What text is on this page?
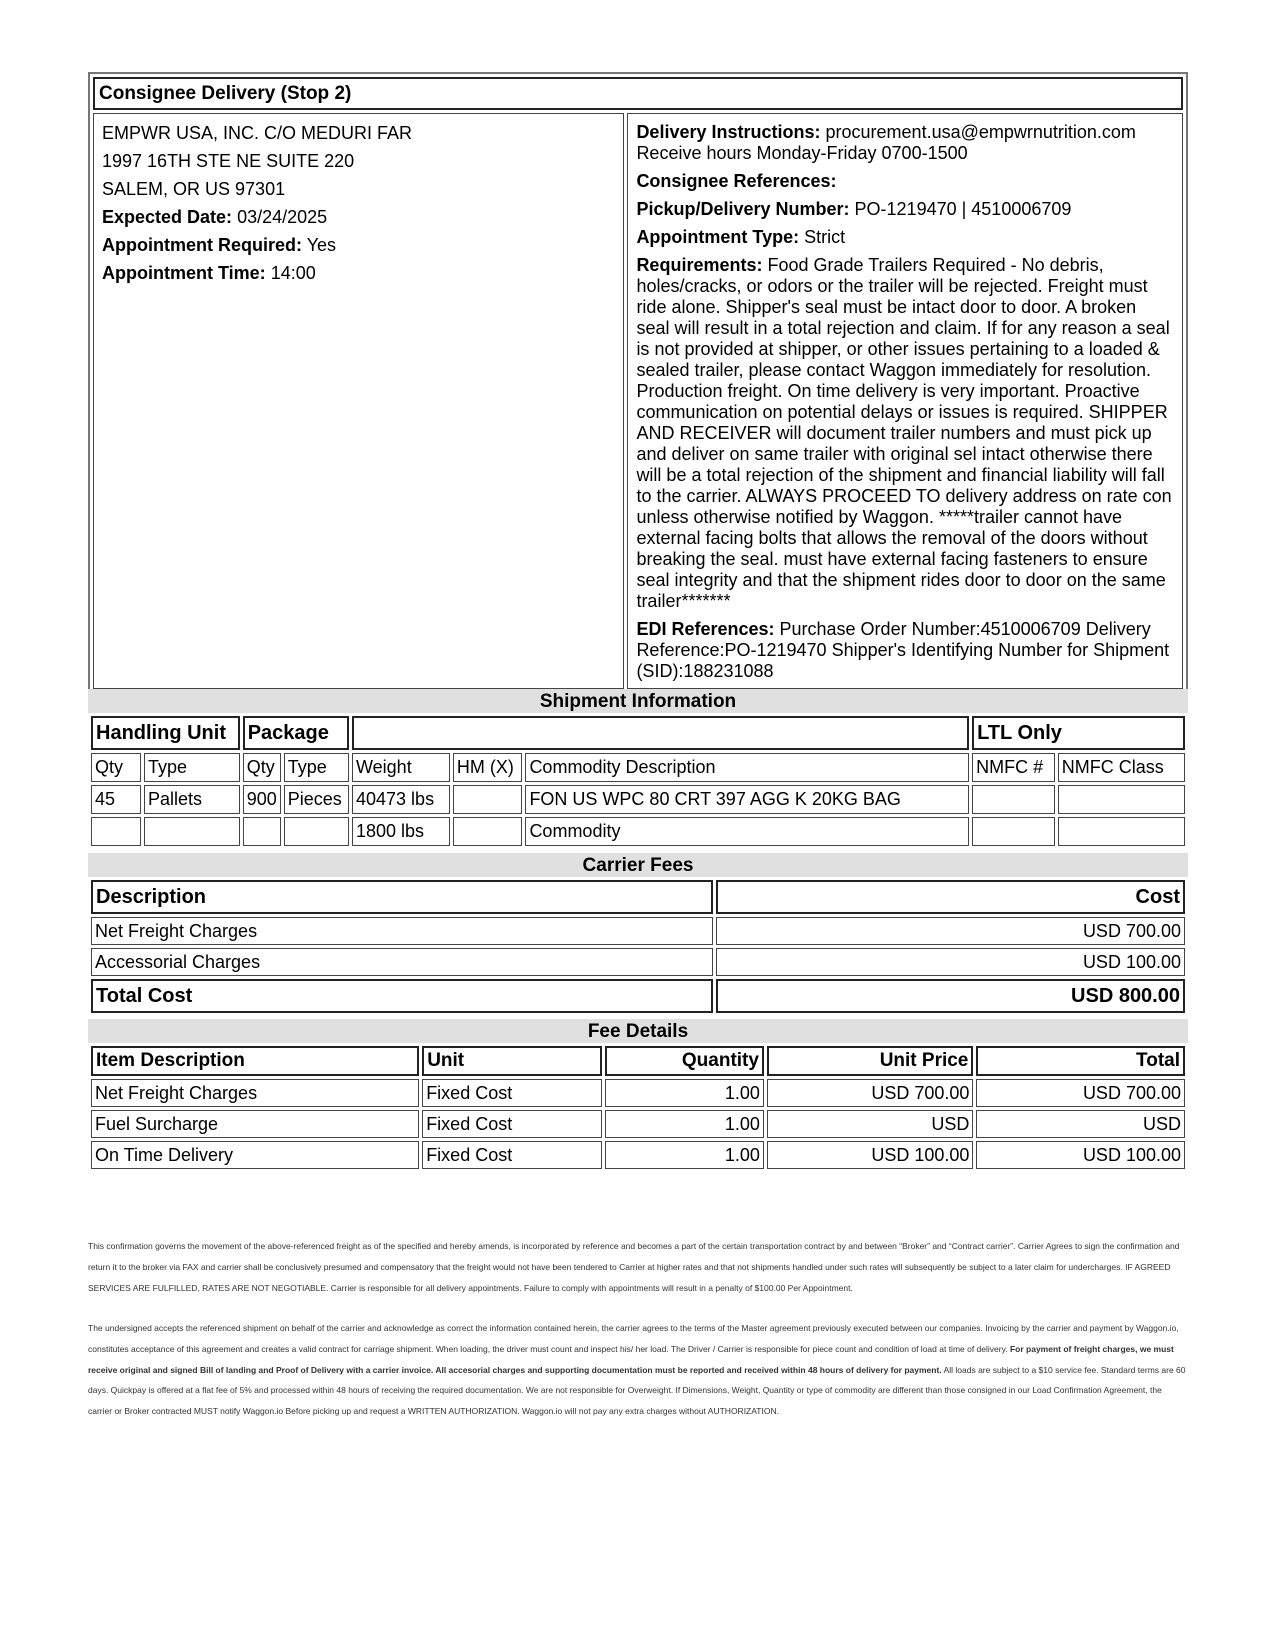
Consignee Delivery (Stop 2)

EMPWR USA, INC. C/O MEDURI FAR

1997 16TH STE NE SUITE 220

SALEM, OR US 97301

Expected Date: 03/24/2025

Appointment Required: Yes

Appointment Time: 14:00

Delivery Instructions: procurement.usa@empwrnutrition.com Receive hours Monday-Friday 0700-1500

Consignee References:

Pickup/Delivery Number: PO-1219470 | 4510006709

Appointment Type: Strict

Requirements: Food Grade Trailers Required - No debris, holes/cracks, or odors or the trailer will be rejected. Freight must ride alone. Shipper's seal must be intact door to door. A broken seal will result in a total rejection and claim. If for any reason a seal is not provided at shipper, or other issues pertaining to a loaded & sealed trailer, please contact Waggon immediately for resolution. Production freight. On time delivery is very important. Proactive communication on potential delays or issues is required. SHIPPER AND RECEIVER will document trailer numbers and must pick up and deliver on same trailer with original sel intact otherwise there will be a total rejection of the shipment and financial liability will fall to the carrier. ALWAYS PROCEED TO delivery address on rate con unless otherwise notified by Waggon. *****trailer cannot have external facing bolts that allows the removal of the doors without breaking the seal. must have external facing fasteners to ensure seal integrity and that the shipment rides door to door on the same trailer*******

EDI References: Purchase Order Number:4510006709 Delivery Reference:PO-1219470 Shipper's Identifying Number for Shipment (SID):188231088

Shipment Information
Handling Unit		Package					LTL Only	
Qty	Type	Qty	Type	Weight	HM (X)	Commodity Description	NMFC #	NMFC Class
45	Pallets	900	Pieces	40473 lbs		FON US WPC 80 CRT 397 AGG K 20KG BAG		
				1800 lbs		Commodity		
Carrier Fees
Description	Cost
Net Freight Charges	USD 700.00
Accessorial Charges	USD 100.00
Total Cost	USD 800.00
Fee Details
Item Description	Unit	Quantity	Unit Price	Total
Net Freight Charges	Fixed Cost	1.00	USD 700.00	USD 700.00
Fuel Surcharge	Fixed Cost	1.00	USD	USD
On Time Delivery	Fixed Cost	1.00	USD 100.00	USD 100.00
This confirmation governs the movement of the above-referenced freight as of the specified and hereby amends, is incorporated by reference and becomes a part of the certain transportation contract by and between “Broker” and “Contract carrier”. Carrier Agrees to sign the confirmation and return it to the broker via FAX and carrier shall be conclusively presumed and compensatory that the freight would not have been tendered to Carrier at higher rates and that not shipments handled under such rates will subsequently be subject to a later claim for undercharges. IF AGREED SERVICES ARE FULFILLED, RATES ARE NOT NEGOTIABLE. Carrier is responsible for all delivery appointments. Failure to comply with appointments will result in a penalty of $100.00 Per Appointment.
The undersigned accepts the referenced shipment on behalf of the carrier and acknowledge as correct the information contained herein, the carrier agrees to the terms of the Master agreement previously executed between our companies. Invoicing by the carrier and payment by Waggon.io, constitutes acceptance of this agreement and creates a valid contract for carriage shipment. When loading, the driver must count and inspect his/ her load. The Driver / Carrier is responsible for piece count and condition of load at time of delivery. For payment of freight charges, we must receive original and signed Bill of landing and Proof of Delivery with a carrier invoice. All accesorial charges and supporting documentation must be reported and received within 48 hours of delivery for payment. All loads are subject to a $10 service fee. Standard terms are 60 days. Quickpay is offered at a flat fee of 5% and processed within 48 hours of receiving the required documentation. We are not responsible for Overweight. If Dimensions, Weight, Quantity or type of commodity are different than those consigned in our Load Confirmation Agreement, the carrier or Broker contracted MUST notify Waggon.io Before picking up and request a WRITTEN AUTHORIZATION. Waggon.io will not pay any extra charges without AUTHORIZATION.
